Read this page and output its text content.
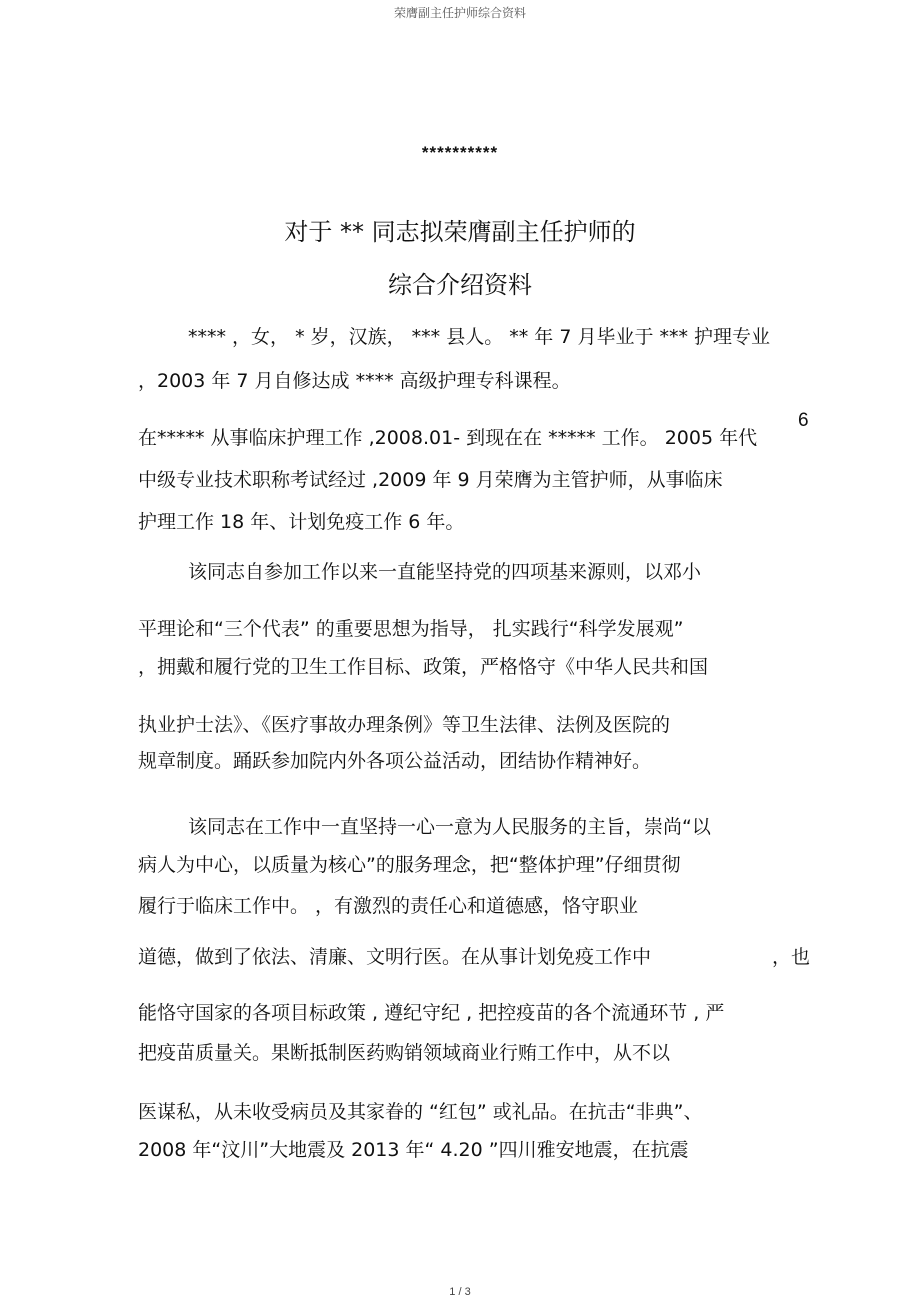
荣膺副主任护师综合资料
**********
对于 ** 同志拟荣膺副主任护师的
综合介绍资料
**** ，女， * 岁，汉族， *** 县人。 ** 年 7 月毕业于 *** 护理专业
，2003 年 7 月自修达成 **** 高级护理专科课程。
在***** 从事临床护理工作 ,2008.01- 到现在在 ***** 工作。 2005 年代
6
中级专业技术职称考试经过 ,2009 年 9 月荣膺为主管护师，从事临床
护理工作 18 年、计划免疫工作 6 年。
该同志自参加工作以来一直能坚持党的四项基来源则，以邓小
平理论和“三个代表” 的重要思想为指导， 扎实践行“科学发展观”
，拥戴和履行党的卫生工作目标、政策，严格恪守《中华人民共和国
执业护士法》、《医疗事故办理条例》等卫生法律、法例及医院的
规章制度。踊跃参加院内外各项公益活动，团结协作精神好。
该同志在工作中一直坚持一心一意为人民服务的主旨，崇尚“以
病人为中心，以质量为核心”的服务理念，把“整体护理”仔细贯彻
履行于临床工作中。 ，有激烈的责任心和道德感，恪守职业
道德，做到了依法、清廉、文明行医。在从事计划免疫工作中	，也
能恪守国家的各项目标政策 , 遵纪守纪 , 把控疫苗的各个流通环节 , 严
把疫苗质量关。果断抵制医药购销领域商业行贿工作中，从不以
医谋私，从未收受病员及其家眷的 “红包” 或礼品。在抗击“非典”、
2008 年“汶川”大地震及 2013 年“ 4.20 ”四川雅安地震，在抗震
1 / 3
